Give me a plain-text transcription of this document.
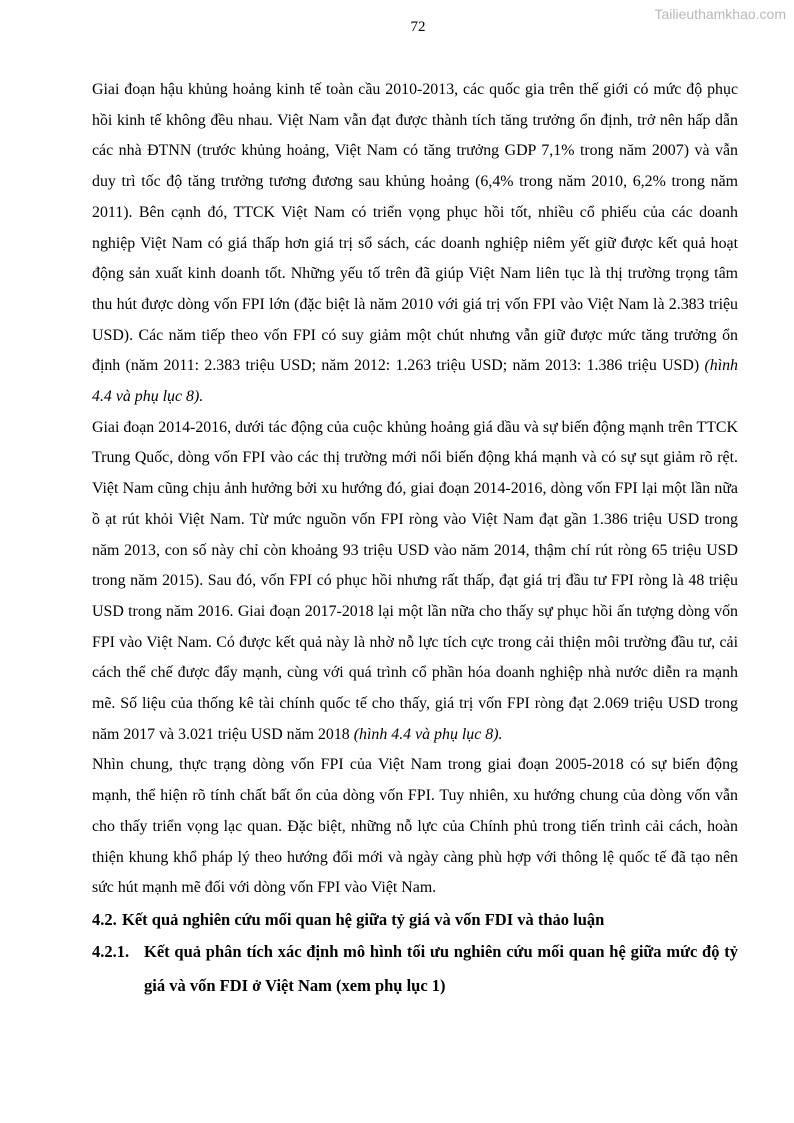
72
Tailieuthamkhao.com

Giai đoạn hậu khủng hoảng kinh tế toàn cầu 2010-2013, các quốc gia trên thế giới có mức độ phục hồi kinh tế không đều nhau. Việt Nam vẫn đạt được thành tích tăng trưởng ổn định, trở nên hấp dẫn các nhà ĐTNN (trước khủng hoảng, Việt Nam có tăng trưởng GDP 7,1% trong năm 2007) và vẫn duy trì tốc độ tăng trưởng tương đương sau khủng hoảng (6,4% trong năm 2010, 6,2% trong năm 2011). Bên cạnh đó, TTCK Việt Nam có triển vọng phục hồi tốt, nhiều cổ phiếu của các doanh nghiệp Việt Nam có giá thấp hơn giá trị sổ sách, các doanh nghiệp niêm yết giữ được kết quả hoạt động sản xuất kinh doanh tốt. Những yếu tố trên đã giúp Việt Nam liên tục là thị trường trọng tâm thu hút được dòng vốn FPI lớn (đặc biệt là năm 2010 với giá trị vốn FPI vào Việt Nam là 2.383 triệu USD). Các năm tiếp theo vốn FPI có suy giảm một chút nhưng vẫn giữ được mức tăng trưởng ổn định (năm 2011: 2.383 triệu USD; năm 2012: 1.263 triệu USD; năm 2013: 1.386 triệu USD) (hình 4.4 và phụ lục 8).

Giai đoạn 2014-2016, dưới tác động của cuộc khủng hoảng giá dầu và sự biến động mạnh trên TTCK Trung Quốc, dòng vốn FPI vào các thị trường mới nổi biến động khá mạnh và có sự sụt giảm rõ rệt. Việt Nam cũng chịu ảnh hưởng bởi xu hướng đó, giai đoạn 2014-2016, dòng vốn FPI lại một lần nữa ồ ạt rút khỏi Việt Nam. Từ mức nguồn vốn FPI ròng vào Việt Nam đạt gần 1.386 triệu USD trong năm 2013, con số này chỉ còn khoảng 93 triệu USD vào năm 2014, thậm chí rút ròng 65 triệu USD trong năm 2015). Sau đó, vốn FPI có phục hồi nhưng rất thấp, đạt giá trị đầu tư FPI ròng là 48 triệu USD trong năm 2016. Giai đoạn 2017-2018 lại một lần nữa cho thấy sự phục hồi ấn tượng dòng vốn FPI vào Việt Nam. Có được kết quả này là nhờ nỗ lực tích cực trong cải thiện môi trường đầu tư, cải cách thể chế được đẩy mạnh, cùng với quá trình cổ phần hóa doanh nghiệp nhà nước diễn ra mạnh mẽ. Số liệu của thống kê tài chính quốc tế cho thấy, giá trị vốn FPI ròng đạt 2.069 triệu USD trong năm 2017 và 3.021 triệu USD năm 2018 (hình 4.4 và phụ lục 8).

Nhìn chung, thực trạng dòng vốn FPI của Việt Nam trong giai đoạn 2005-2018 có sự biến động mạnh, thể hiện rõ tính chất bất ổn của dòng vốn FPI. Tuy nhiên, xu hướng chung của dòng vốn vẫn cho thấy triển vọng lạc quan. Đặc biệt, những nỗ lực của Chính phủ trong tiến trình cải cách, hoàn thiện khung khổ pháp lý theo hướng đổi mới và ngày càng phù hợp với thông lệ quốc tế đã tạo nên sức hút mạnh mẽ đối với dòng vốn FPI vào Việt Nam.

4.2. Kết quả nghiên cứu mối quan hệ giữa tỷ giá và vốn FDI và thảo luận
4.2.1. Kết quả phân tích xác định mô hình tối ưu nghiên cứu mối quan hệ giữa mức độ tỷ giá và vốn FDI ở Việt Nam (xem phụ lục 1)
